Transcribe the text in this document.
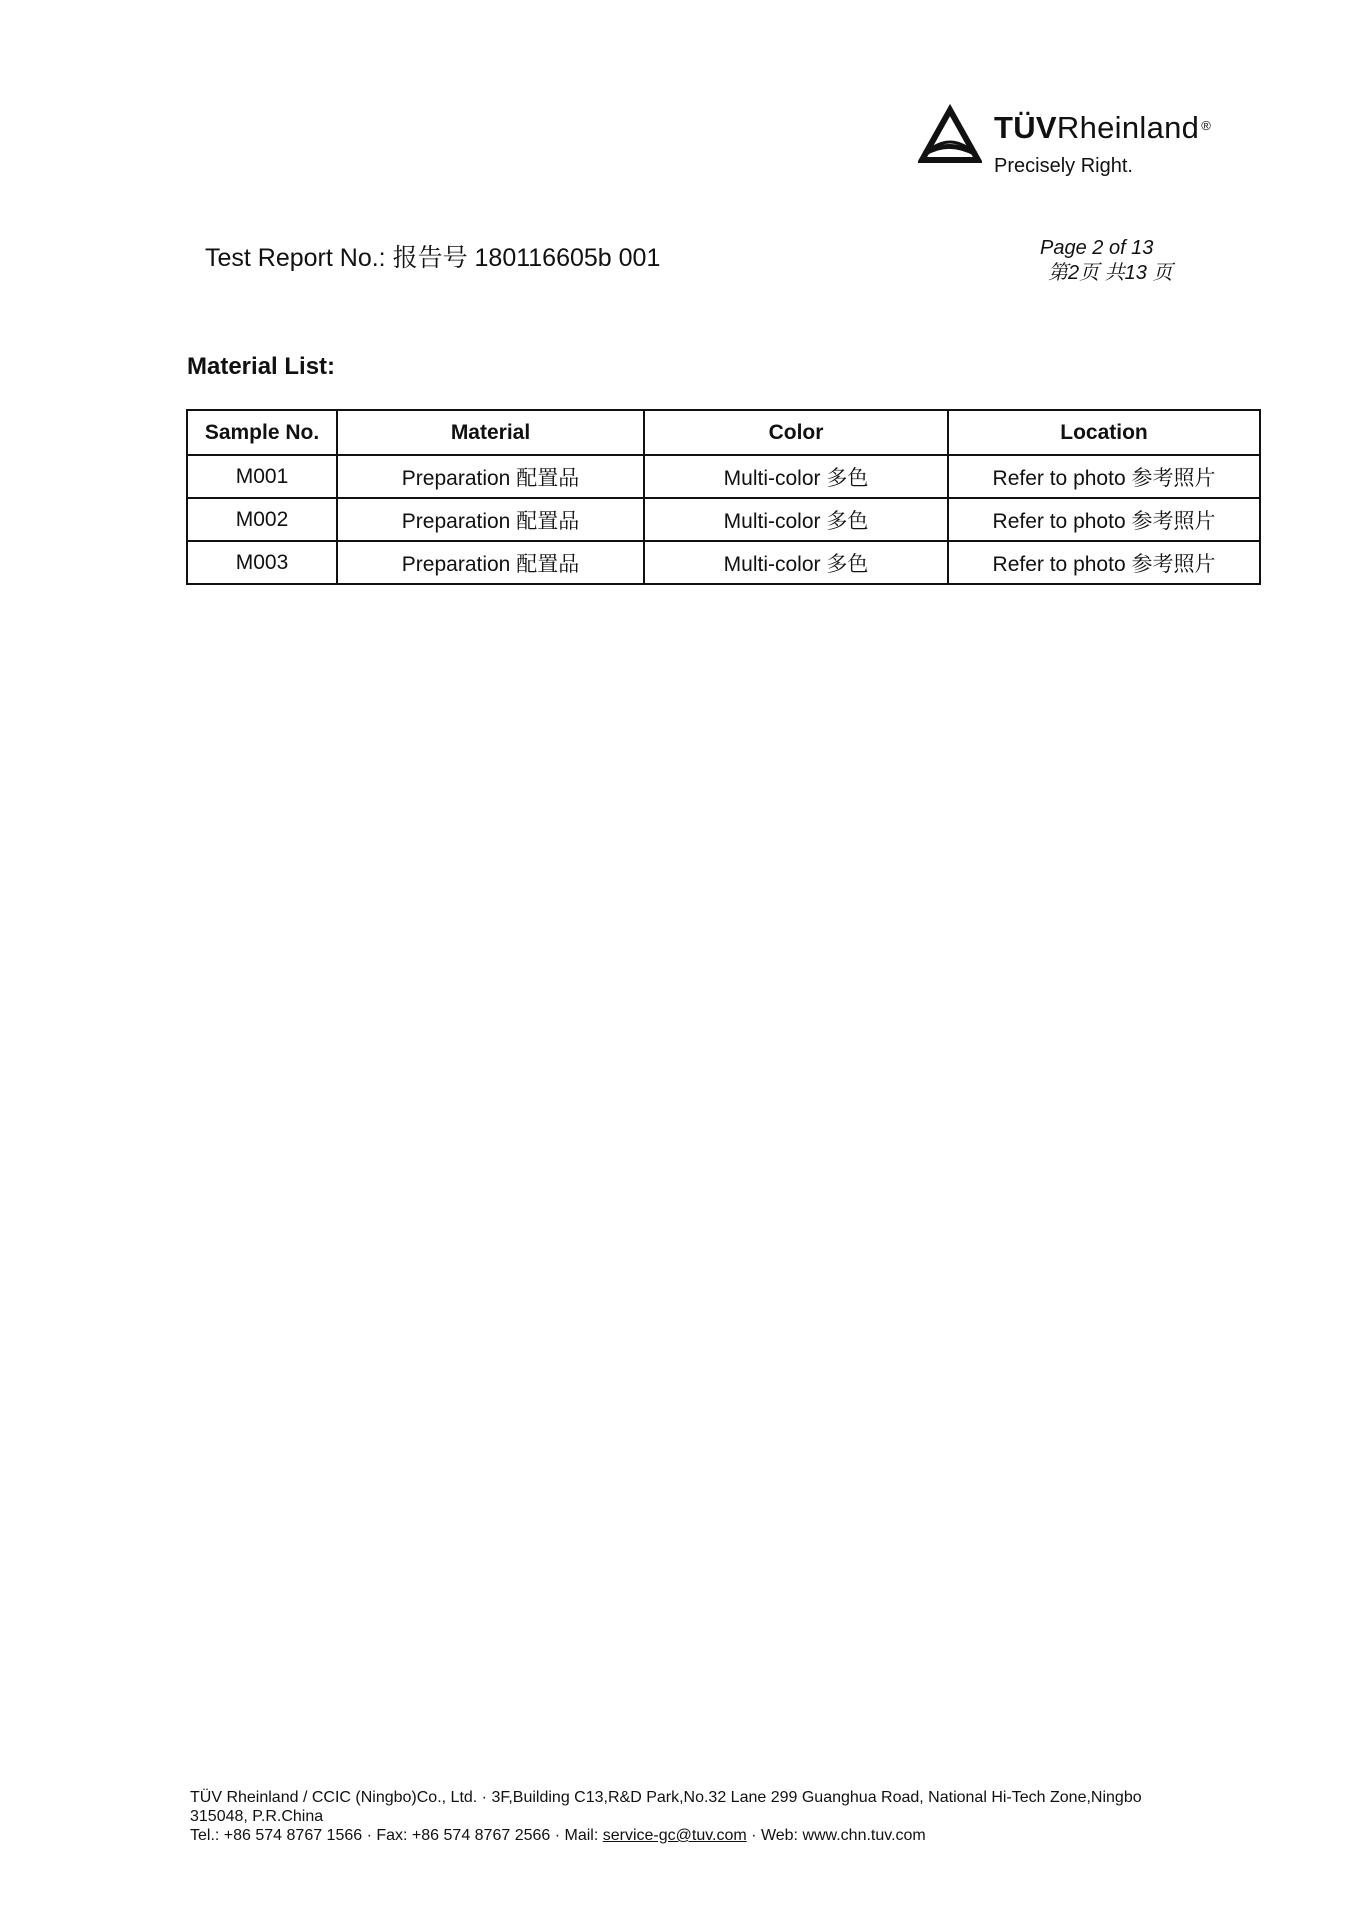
TÜVRheinland ®
Precisely Right.
Test Report No.: 报告号 180116605b 001	Page 2 of 13
第2页 共13 页
Material List:
Sample No.	Material	Color	Location
M001	Preparation 配置品	Multi-color 多色	Refer to photo 参考照片
M002	Preparation 配置品	Multi-color 多色	Refer to photo 参考照片
M003	Preparation 配置品	Multi-color 多色	Refer to photo 参考照片
TÜV Rheinland / CCIC (Ningbo)Co., Ltd. · 3F,Building C13,R&D Park,No.32 Lane 299 Guanghua Road, National Hi-Tech Zone,Ningbo
315048, P.R.China
Tel.: +86 574 8767 1566 · Fax: +86 574 8767 2566 · Mail: service-gc@tuv.com · Web: www.chn.tuv.com
